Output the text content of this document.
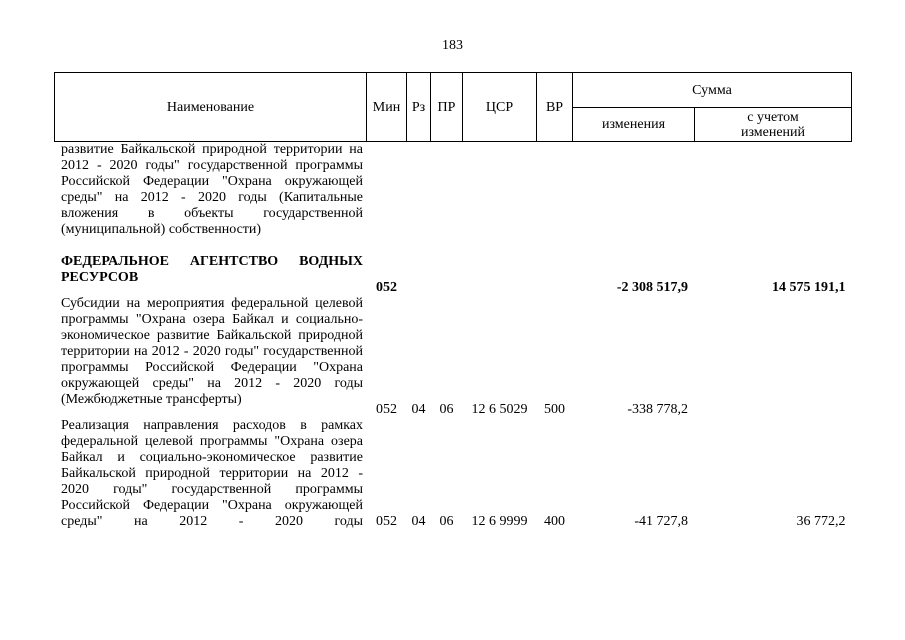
183
Наименование	Мин	Рз	ПР	ЦСР	ВР	Сумма	
						изменения	с учетом
изменений
развитие Байкальской природной территории на 2012 - 2020 годы" государственной программы Российской Федерации "Охрана окружающей среды" на 2012 - 2020 годы (Капитальные вложения в объекты государственной (муниципальной) собственности)							
ФЕДЕРАЛЬНОЕ АГЕНТСТВО ВОДНЫХ РЕСУРСОВ	052					-2 308 517,9	14 575 191,1
Субсидии на мероприятия федеральной целевой программы "Охрана озера Байкал и социально-экономическое развитие Байкальской природной территории на 2012 - 2020 годы" государственной программы Российской Федерации "Охрана окружающей среды" на 2012 - 2020 годы (Межбюджетные трансферты)	052	04	06	12 6 5029	500	-338 778,2	
Реализация направления расходов в рамках федеральной целевой программы "Охрана озера Байкал и социально-экономическое развитие Байкальской природной территории на 2012 - 2020 годы" государственной программы Российской Федерации "Охрана окружающей среды" на 2012 - 2020 годы	052	04	06	12 6 9999	400	-41 727,8	36 772,2
